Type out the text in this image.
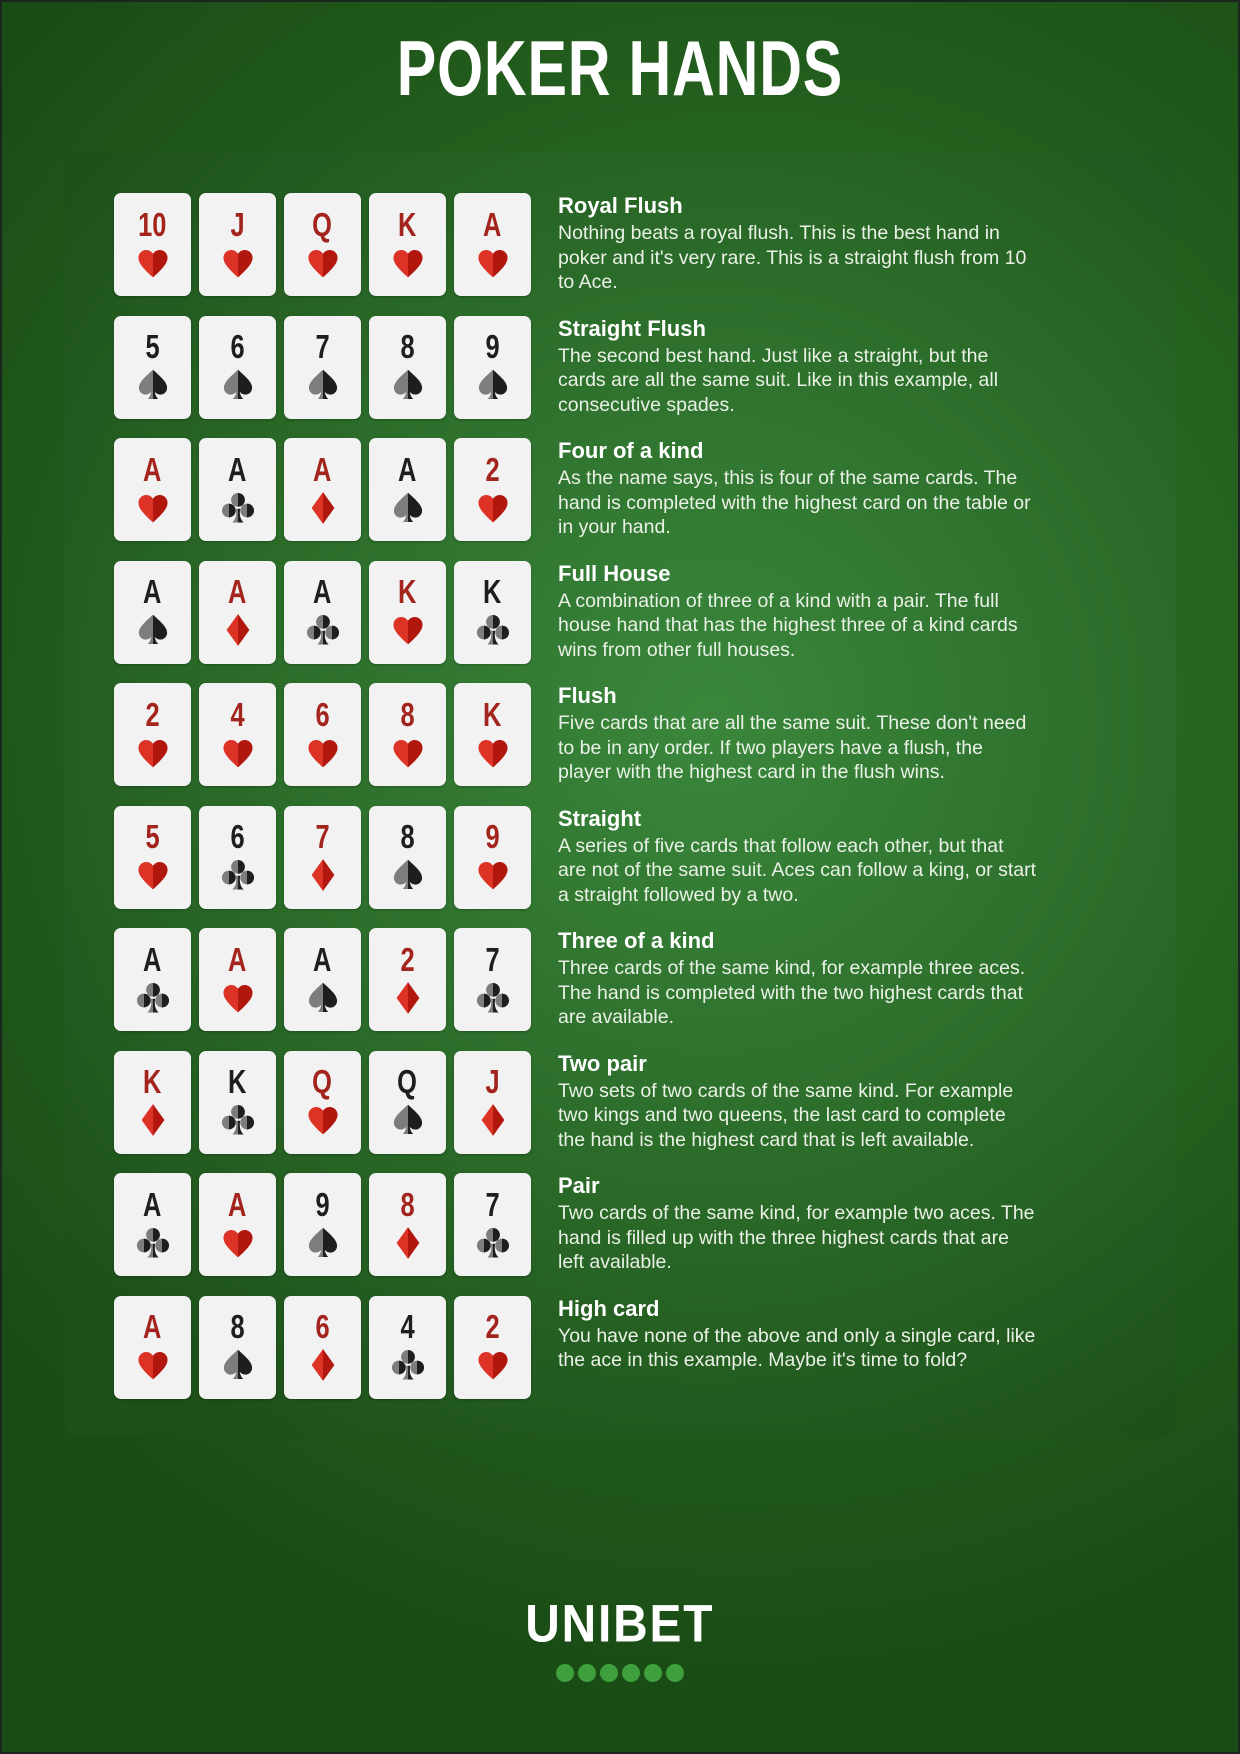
POKER HANDS
10 J Q K A	Royal Flush

Nothing beats a royal flush. This is the best hand in poker and it's very rare. This is a straight flush from 10 to Ace.

5 6 7 8 9	Straight Flush

The second best hand. Just like a straight, but the cards are all the same suit. Like in this example, all consecutive spades.

A A A A 2	Four of a kind

As the name says, this is four of the same cards. The hand is completed with the highest card on the table or in your hand.

A A A K K	Full House

A combination of three of a kind with a pair. The full house hand that has the highest three of a kind cards wins from other full houses.

2 4 6 8 K	Flush

Five cards that are all the same suit. These don't need to be in any order. If two players have a flush, the player with the highest card in the flush wins.

5 6 7 8 9	Straight

A series of five cards that follow each other, but that are not of the same suit. Aces can follow a king, or start a straight followed by a two.

A A A 2 7	Three of a kind

Three cards of the same kind, for example three aces. The hand is completed with the two highest cards that are available.

K K Q Q J	Two pair

Two sets of two cards of the same kind. For example two kings and two queens, the last card to complete the hand is the highest card that is left available.

A A 9 8 7	Pair

Two cards of the same kind, for example two aces. The hand is filled up with the three highest cards that are left available.

A 8 6 4 2	High card

You have none of the above and only a single card, like the ace in this example. Maybe it's time to fold?

UNIBET
